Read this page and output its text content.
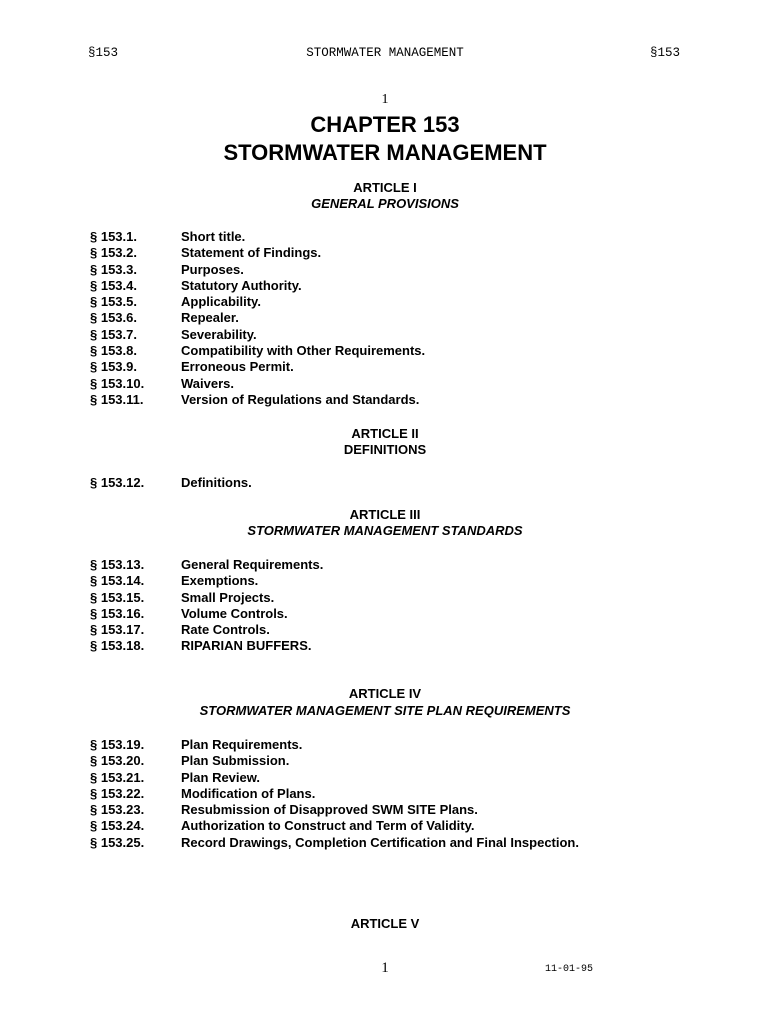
§153	STORMWATER MANAGEMENT	§153
1
CHAPTER 153
STORMWATER MANAGEMENT
ARTICLE I
GENERAL PROVISIONS
§ 153.1.	Short title.
§ 153.2.	Statement of Findings.
§ 153.3.	Purposes.
§ 153.4.	Statutory Authority.
§ 153.5.	Applicability.
§ 153.6.	Repealer.
§ 153.7.	Severability.
§ 153.8.	Compatibility with Other Requirements.
§ 153.9.	Erroneous Permit.
§ 153.10.	Waivers.
§ 153.11.	Version of Regulations and Standards.
ARTICLE II
DEFINITIONS
§ 153.12.	Definitions.
ARTICLE III
STORMWATER MANAGEMENT STANDARDS
§ 153.13.	General Requirements.
§ 153.14.	Exemptions.
§ 153.15.	Small Projects.
§ 153.16.	Volume Controls.
§ 153.17.	Rate Controls.
§ 153.18.	RIPARIAN BUFFERS.
ARTICLE IV
STORMWATER MANAGEMENT SITE PLAN REQUIREMENTS
§ 153.19.	Plan Requirements.
§ 153.20.	Plan Submission.
§ 153.21.	Plan Review.
§ 153.22.	Modification of Plans.
§ 153.23.	Resubmission of Disapproved SWM SITE Plans.
§ 153.24.	Authorization to Construct and Term of Validity.
§ 153.25.	Record Drawings, Completion Certification and Final Inspection.
ARTICLE V
1	11-01-95
